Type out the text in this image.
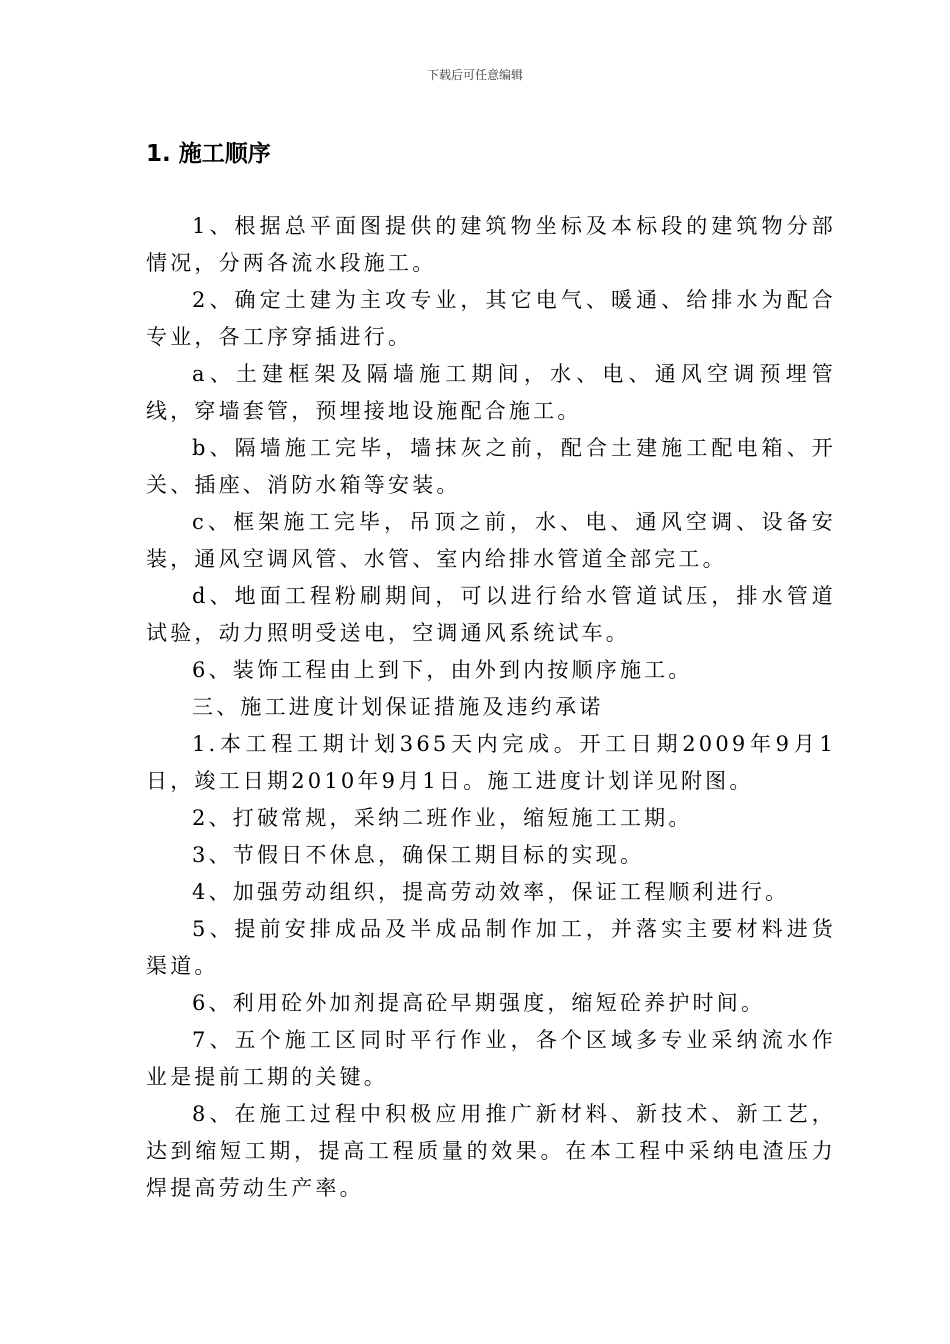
下载后可任意编辑
1. 施工顺序

1、根据总平面图提供的建筑物坐标及本标段的建筑物分部情况，分两各流水段施工。

2、确定土建为主攻专业，其它电气、暖通、给排水为配合专业，各工序穿插进行。

a、土建框架及隔墙施工期间，水、电、通风空调预埋管线，穿墙套管，预埋接地设施配合施工。

b、隔墙施工完毕，墙抹灰之前，配合土建施工配电箱、开关、插座、消防水箱等安装。

c、框架施工完毕，吊顶之前，水、电、通风空调、设备安装，通风空调风管、水管、室内给排水管道全部完工。

d、地面工程粉刷期间，可以进行给水管道试压，排水管道试验，动力照明受送电，空调通风系统试车。

6、装饰工程由上到下，由外到内按顺序施工。

三、施工进度计划保证措施及违约承诺

1.本工程工期计划365天内完成。开工日期2009年9月1日，竣工日期2010年9月1日。施工进度计划详见附图。

2、打破常规，采纳二班作业，缩短施工工期。

3、节假日不休息，确保工期目标的实现。

4、加强劳动组织，提高劳动效率，保证工程顺利进行。

5、提前安排成品及半成品制作加工，并落实主要材料进货渠道。

6、利用砼外加剂提高砼早期强度，缩短砼养护时间。

7、五个施工区同时平行作业，各个区域多专业采纳流水作业是提前工期的关键。

8、在施工过程中积极应用推广新材料、新技术、新工艺，达到缩短工期，提高工程质量的效果。在本工程中采纳电渣压力焊提高劳动生产率。
